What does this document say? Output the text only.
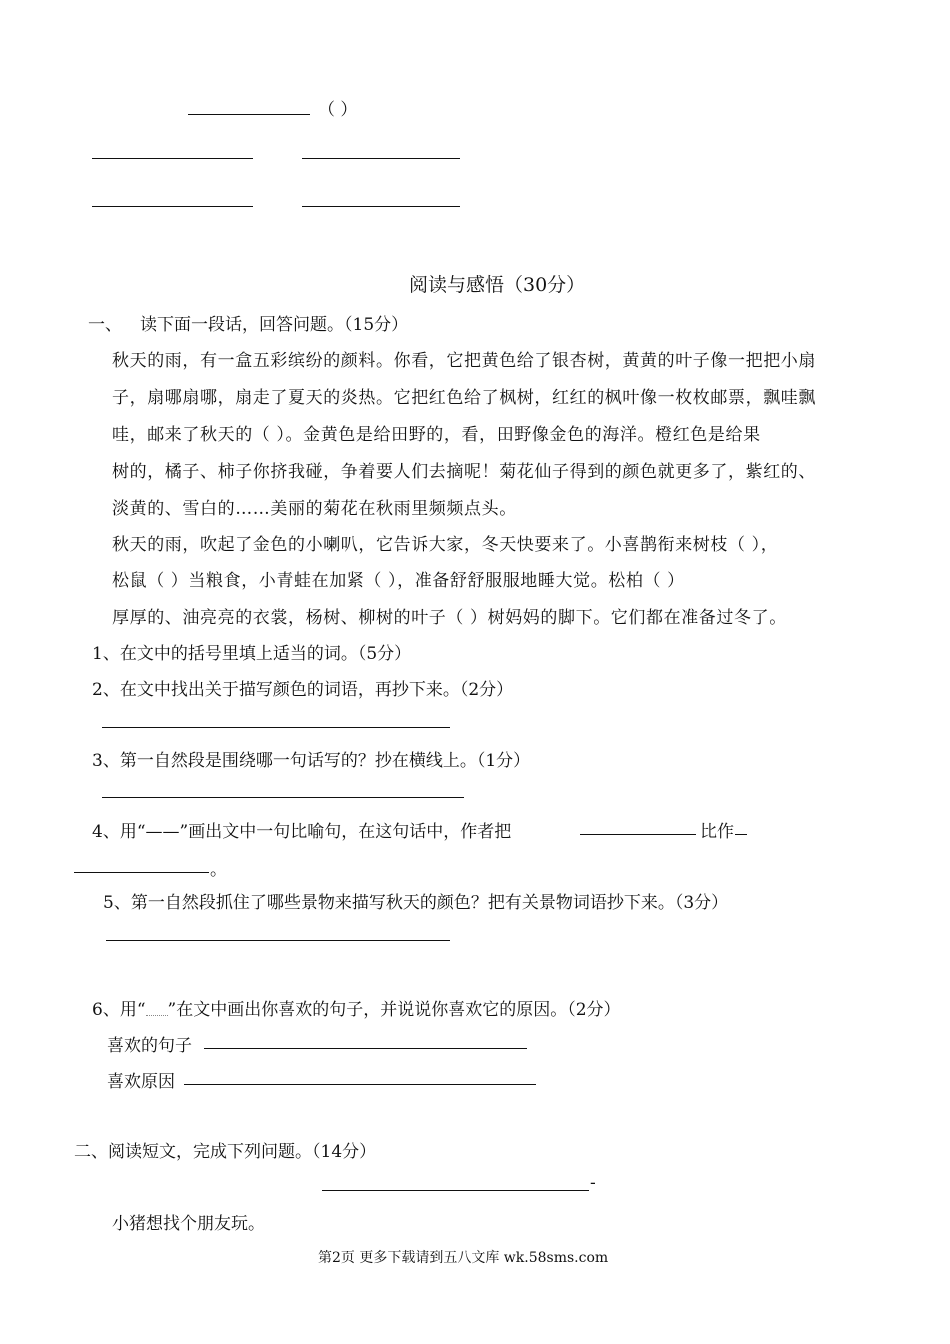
（ ）
阅读与感悟（30分）
一、 读下面一段话，回答问题。（15分）
秋天的雨，有一盒五彩缤纷的颜料。你看，它把黄色给了银杏树，黄黄的叶子像一把把小扇
子，扇哪扇哪，扇走了夏天的炎热。它把红色给了枫树，红红的枫叶像一枚枚邮票，飘哇飘
哇，邮来了秋天的（ ）。金黄色是给田野的，看，田野像金色的海洋。橙红色是给果
树的，橘子、柿子你挤我碰，争着要人们去摘呢！菊花仙子得到的颜色就更多了，紫红的、
淡黄的、雪白的……美丽的菊花在秋雨里频频点头。
秋天的雨，吹起了金色的小喇叭，它告诉大家，冬天快要来了。小喜鹊衔来树枝（ ），
松鼠（ ）当粮食，小青蛙在加紧（ ），准备舒舒服服地睡大觉。松柏（ ）
厚厚的、油亮亮的衣裳，杨树、柳树的叶子（ ）树妈妈的脚下。它们都在准备过冬了。
1、在文中的括号里填上适当的词。（5分）
2、在文中找出关于描写颜色的词语，再抄下来。（2分）
3、第一自然段是围绕哪一句话写的？抄在横线上。（1分）
4、用“——”画出文中一句比喻句，在这句话中，作者把	比作
。
5、第一自然段抓住了哪些景物来描写秋天的颜色？把有关景物词语抄下来。（3分）
6、用“ ”在文中画出你喜欢的句子，并说说你喜欢它的原因。（2分）
喜欢的句子
喜欢原因
二、阅读短文，完成下列问题。（14分）
-
小猪想找个朋友玩。
第2页 更多下载请到五八文库 wk.58sms.com
